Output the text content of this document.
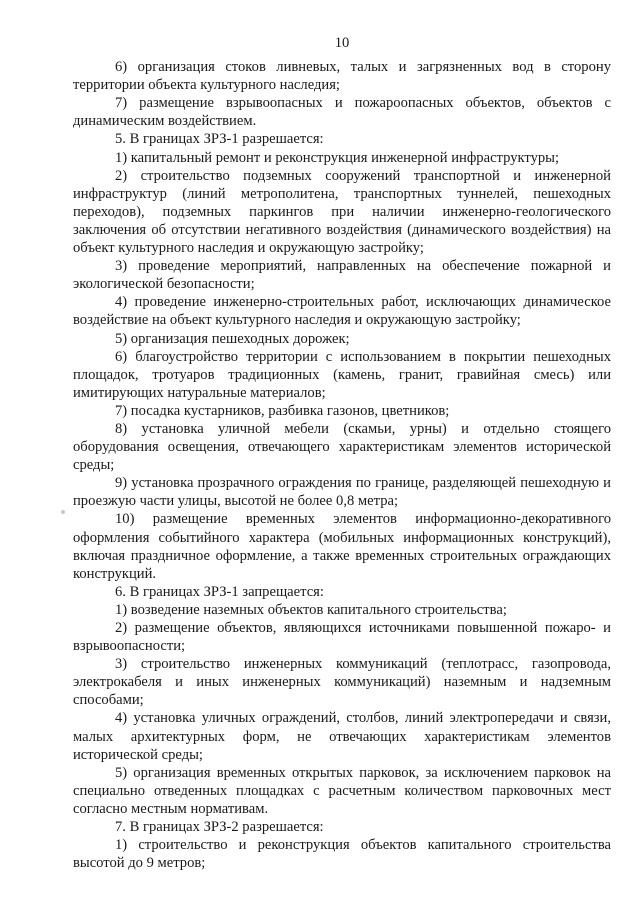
10

6) организация стоков ливневых, талых и загрязненных вод в сторону территории объекта культурного наследия;

7) размещение взрывоопасных и пожароопасных объектов, объектов с динамическим воздействием.

5. В границах ЗРЗ-1 разрешается:

1) капитальный ремонт и реконструкция инженерной инфраструктуры;

2) строительство подземных сооружений транспортной и инженерной инфраструктур (линий метрополитена, транспортных туннелей, пешеходных переходов), подземных паркингов при наличии инженерно-геологического заключения об отсутствии негативного воздействия (динамического воздействия) на объект культурного наследия и окружающую застройку;

3) проведение мероприятий, направленных на обеспечение пожарной и экологической безопасности;

4) проведение инженерно-строительных работ, исключающих динамическое воздействие на объект культурного наследия и окружающую застройку;

5) организация пешеходных дорожек;

6) благоустройство территории с использованием в покрытии пешеходных площадок, тротуаров традиционных (камень, гранит, гравийная смесь) или имитирующих натуральные материалов;

7) посадка кустарников, разбивка газонов, цветников;

8) установка уличной мебели (скамьи, урны) и отдельно стоящего оборудования освещения, отвечающего характеристикам элементов исторической среды;

9) установка прозрачного ограждения по границе, разделяющей пешеходную и проезжую части улицы, высотой не более 0,8 метра;

10) размещение временных элементов информационно-декоративного оформления событийного характера (мобильных информационных конструкций), включая праздничное оформление, а также временных строительных ограждающих конструкций.

6. В границах ЗРЗ-1 запрещается:

1) возведение наземных объектов капитального строительства;

2) размещение объектов, являющихся источниками повышенной пожаро- и взрывоопасности;

3) строительство инженерных коммуникаций (теплотрасс, газопровода, электрокабеля и иных инженерных коммуникаций) наземным и надземным способами;

4) установка уличных ограждений, столбов, линий электропередачи и связи, малых архитектурных форм, не отвечающих характеристикам элементов исторической среды;

5) организация временных открытых парковок, за исключением парковок на специально отведенных площадках с расчетным количеством парковочных мест согласно местным нормативам.

7. В границах ЗРЗ-2 разрешается:

1) строительство и реконструкция объектов капитального строительства высотой до 9 метров;
